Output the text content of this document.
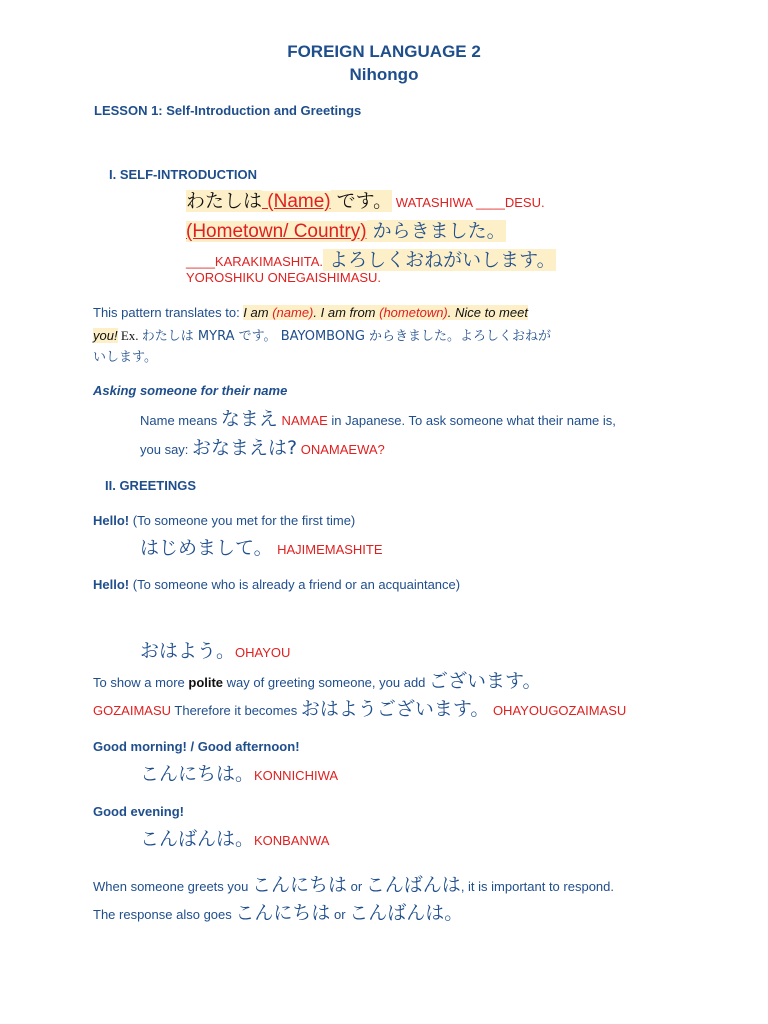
FOREIGN LANGUAGE 2
Nihongo
LESSON 1: Self-Introduction and Greetings
I. SELF-INTRODUCTION
わたしは (Name) です。 WATASHIWA ____DESU.
(Hometown/ Country) からきました。
____KARAKIMASHITA. よろしくおねがいします。
YOROSHIKU ONEGAISHIMASU.
This pattern translates to: I am (name). I am from (hometown). Nice to meet
you! Ex. わたしは MYRA です。 BAYOMBONG からきました。よろしくおねが
いします。
Asking someone for their name
Name means なまえ NAMAE in Japanese. To ask someone what their name is,
you say: おなまえは? ONAMAEWA?
II. GREETINGS
Hello! (To someone you met for the first time)
はじめまして。 HAJIMEMASHITE
Hello! (To someone who is already a friend or an acquaintance)
おはよう。OHAYOU
To show a more polite way of greeting someone, you add ございます。
GOZAIMASU Therefore it becomes おはようございます。 OHAYOUGOZAIMASU
Good morning! / Good afternoon!
こんにちは。KONNICHIWA
Good evening!
こんばんは。KONBANWA
When someone greets you こんにちは or こんばんは, it is important to respond.
The response also goes こんにちは or こんばんは。
